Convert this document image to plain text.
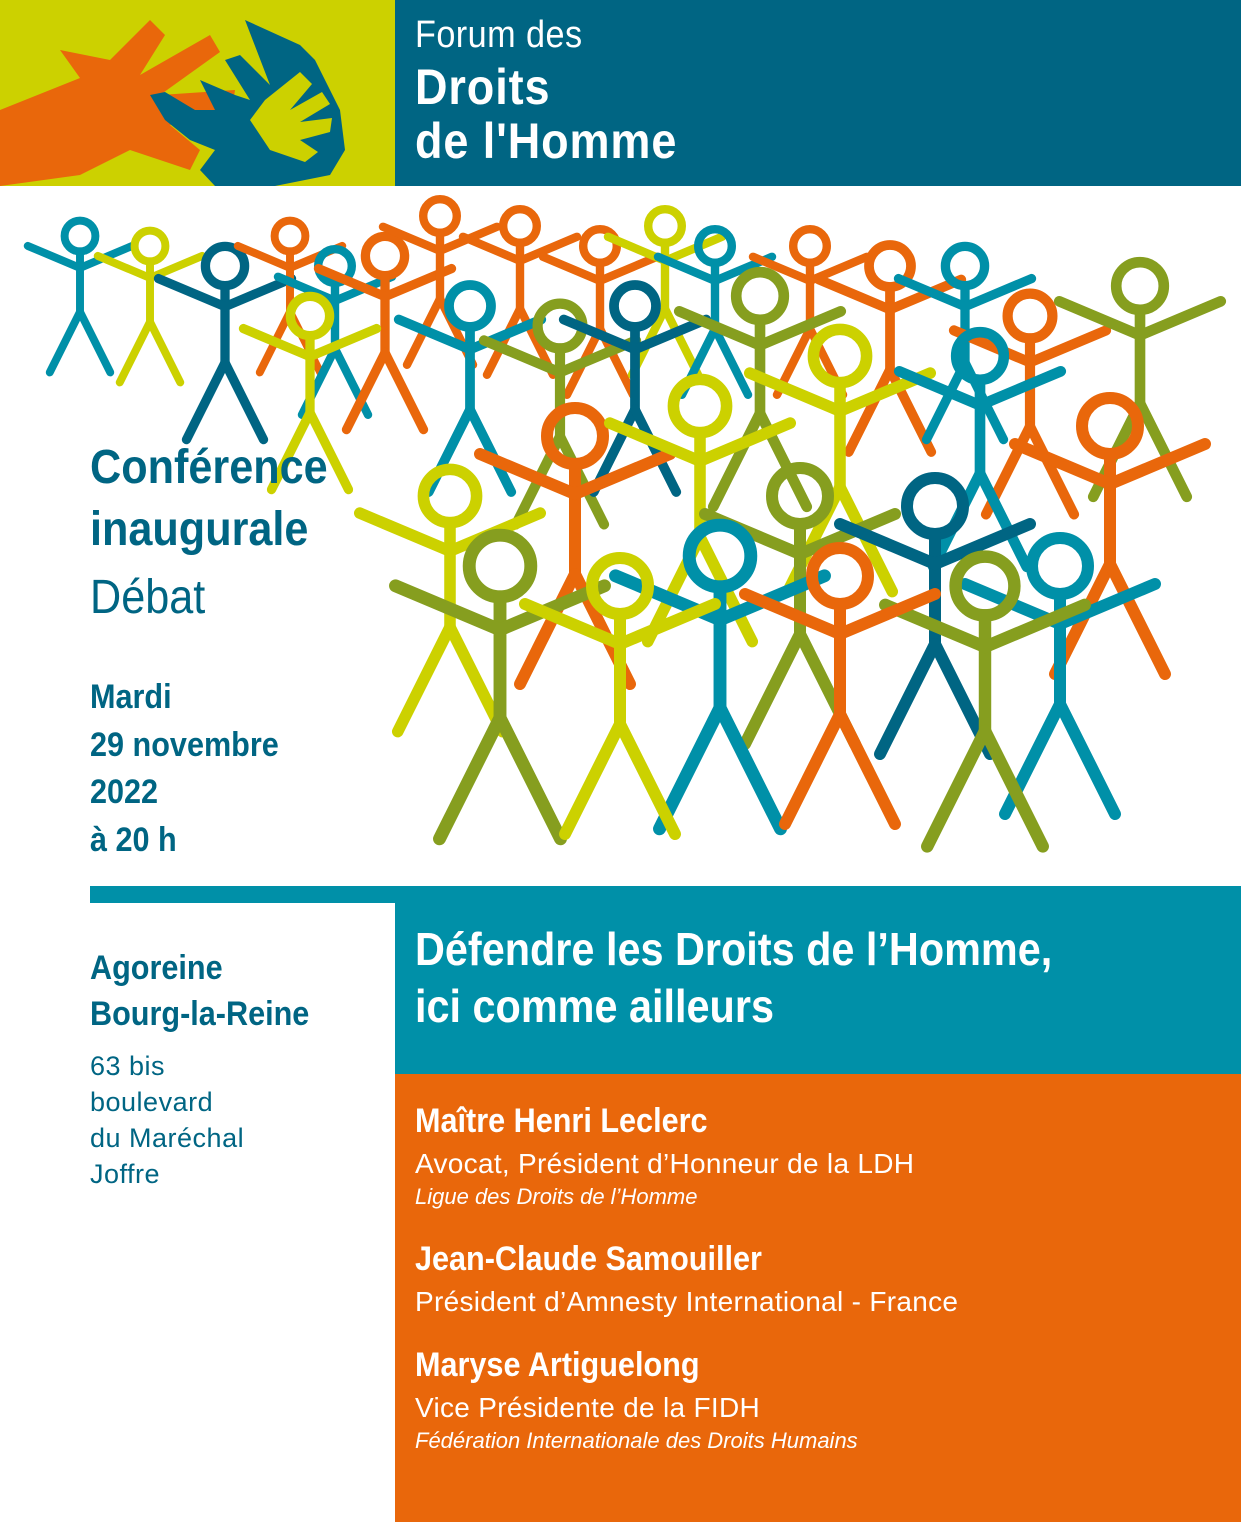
Forum des
Droits
de l'Homme
Conférence
inaugurale
Débat
Mardi
29 novembre
2022
à 20 h
Agoreine
Bourg-la-Reine
63 bis
boulevard
du Maréchal
Joffre
Défendre les Droits de l’Homme,
ici comme ailleurs
Maître Henri Leclerc
Avocat, Président d’Honneur de la LDH
Ligue des Droits de l’Homme
Jean-Claude Samouiller
Président d’Amnesty International - France
Maryse Artiguelong
Vice Présidente de la FIDH
Fédération Internationale des Droits Humains
